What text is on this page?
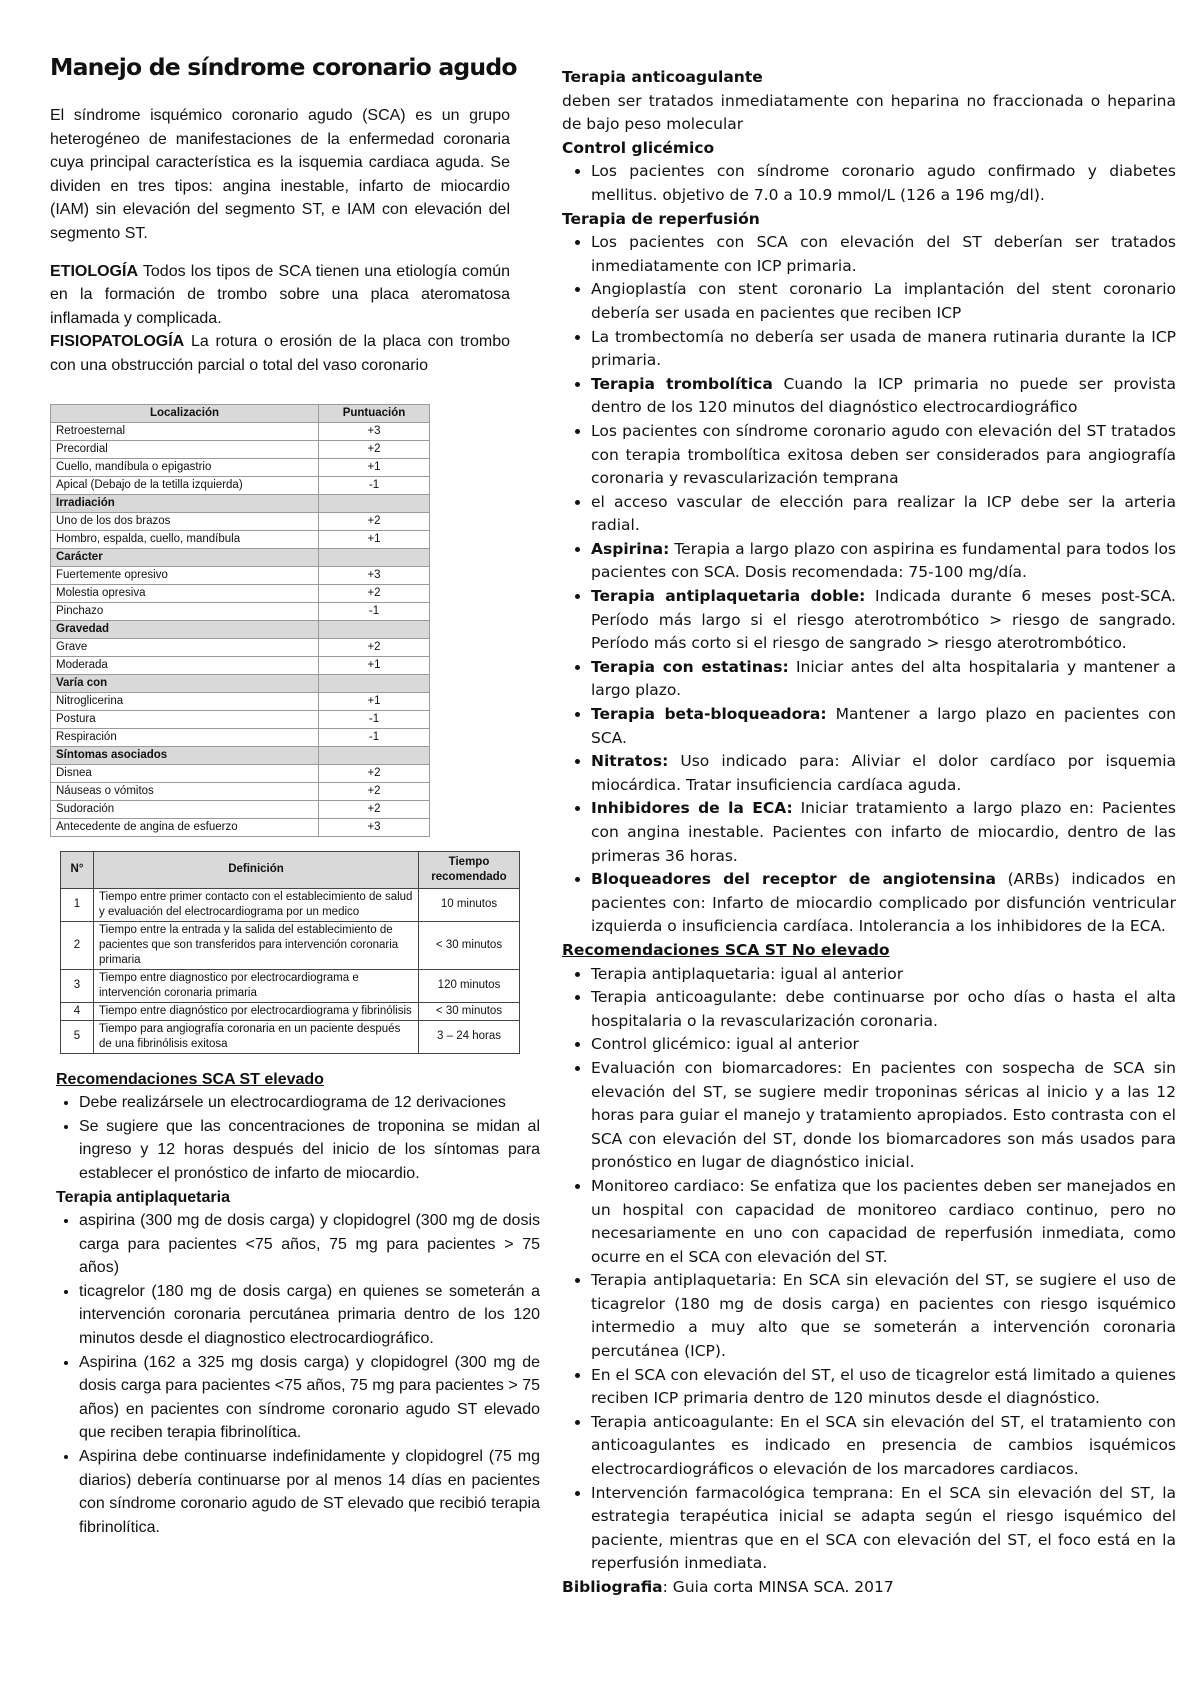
Manejo de síndrome coronario agudo

El síndrome isquémico coronario agudo (SCA) es un grupo heterogéneo de manifestaciones de la enfermedad coronaria cuya principal característica es la isquemia cardiaca aguda. Se dividen en tres tipos: angina inestable, infarto de miocardio (IAM) sin elevación del segmento ST, e IAM con elevación del segmento ST.

ETIOLOGÍA Todos los tipos de SCA tienen una etiología común en la formación de trombo sobre una placa ateromatosa inflamada y complicada.

FISIOPATOLOGÍA La rotura o erosión de la placa con trombo con una obstrucción parcial o total del vaso coronario

Localización	Puntuación
Retroesternal	+3
Precordial	+2
Cuello, mandíbula o epigastrio	+1
Apical (Debajo de la tetilla izquierda)	-1
Irradiación	
Uno de los dos brazos	+2
Hombro, espalda, cuello, mandíbula	+1
Carácter	
Fuertemente opresivo	+3
Molestia opresiva	+2
Pinchazo	-1
Gravedad	
Grave	+2
Moderada	+1
Varía con	
Nitroglicerina	+1
Postura	-1
Respiración	-1
Síntomas asociados	
Disnea	+2
Náuseas o vómitos	+2
Sudoración	+2
Antecedente de angina de esfuerzo	+3
N°	Definición	Tiempo recomendado
1	Tiempo entre primer contacto con el establecimiento de salud y evaluación del electrocardiograma por un medico	10 minutos
2	Tiempo entre la entrada y la salida del establecimiento de pacientes que son transferidos para intervención coronaria primaria	< 30 minutos
3	Tiempo entre diagnostico por electrocardiograma e intervención coronaria primaria	120 minutos
4	Tiempo entre diagnóstico por electrocardiograma y fibrinólisis	< 30 minutos
5	Tiempo para angiografía coronaria en un paciente después de una fibrinólisis exitosa	3 – 24 horas
Recomendaciones SCA ST elevado
• Debe realizársele un electrocardiograma de 12 derivaciones
• Se sugiere que las concentraciones de troponina se midan al ingreso y 12 horas después del inicio de los síntomas para establecer el pronóstico de infarto de miocardio.

Terapia antiplaquetaria

• aspirina (300 mg de dosis carga) y clopidogrel (300 mg de dosis carga para pacientes <75 años, 75 mg para pacientes > 75 años)
• ticagrelor (180 mg de dosis carga) en quienes se someterán a intervención coronaria percutánea primaria dentro de los 120 minutos desde el diagnostico electrocardiográfico.
• Aspirina (162 a 325 mg dosis carga) y clopidogrel (300 mg de dosis carga para pacientes <75 años, 75 mg para pacientes > 75 años) en pacientes con síndrome coronario agudo ST elevado que reciben terapia fibrinolítica.
• Aspirina debe continuarse indefinidamente y clopidogrel (75 mg diarios) debería continuarse por al menos 14 días en pacientes con síndrome coronario agudo de ST elevado que recibió terapia fibrinolítica.

Terapia anticoagulante

deben ser tratados inmediatamente con heparina no fraccionada o heparina de bajo peso molecular

Control glicémico

• Los pacientes con síndrome coronario agudo confirmado y diabetes mellitus. objetivo de 7.0 a 10.9 mmol/L (126 a 196 mg/dl).

Terapia de reperfusión

• Los pacientes con SCA con elevación del ST deberían ser tratados inmediatamente con ICP primaria.
• Angioplastía con stent coronario La implantación del stent coronario debería ser usada en pacientes que reciben ICP
• La trombectomía no debería ser usada de manera rutinaria durante la ICP primaria.
• Terapia trombolítica Cuando la ICP primaria no puede ser provista dentro de los 120 minutos del diagnóstico electrocardiográfico
• Los pacientes con síndrome coronario agudo con elevación del ST tratados con terapia trombolítica exitosa deben ser considerados para angiografía coronaria y revascularización temprana
• el acceso vascular de elección para realizar la ICP debe ser la arteria radial.
• Aspirina: Terapia a largo plazo con aspirina es fundamental para todos los pacientes con SCA. Dosis recomendada: 75-100 mg/día.
• Terapia antiplaquetaria doble: Indicada durante 6 meses post-SCA. Período más largo si el riesgo aterotrombótico > riesgo de sangrado. Período más corto si el riesgo de sangrado > riesgo aterotrombótico.
• Terapia con estatinas: Iniciar antes del alta hospitalaria y mantener a largo plazo.
• Terapia beta-bloqueadora: Mantener a largo plazo en pacientes con SCA.
• Nitratos: Uso indicado para: Aliviar el dolor cardíaco por isquemia miocárdica. Tratar insuficiencia cardíaca aguda.
• Inhibidores de la ECA: Iniciar tratamiento a largo plazo en: Pacientes con angina inestable. Pacientes con infarto de miocardio, dentro de las primeras 36 horas.
• Bloqueadores del receptor de angiotensina (ARBs) indicados en pacientes con: Infarto de miocardio complicado por disfunción ventricular izquierda o insuficiencia cardíaca. Intolerancia a los inhibidores de la ECA.

Recomendaciones SCA ST No elevado

• Terapia antiplaquetaria: igual al anterior
• Terapia anticoagulante: debe continuarse por ocho días o hasta el alta hospitalaria o la revascularización coronaria.
• Control glicémico: igual al anterior
• Evaluación con biomarcadores: En pacientes con sospecha de SCA sin elevación del ST, se sugiere medir troponinas séricas al inicio y a las 12 horas para guiar el manejo y tratamiento apropiados. Esto contrasta con el SCA con elevación del ST, donde los biomarcadores son más usados para pronóstico en lugar de diagnóstico inicial.
• Monitoreo cardiaco: Se enfatiza que los pacientes deben ser manejados en un hospital con capacidad de monitoreo cardiaco continuo, pero no necesariamente en uno con capacidad de reperfusión inmediata, como ocurre en el SCA con elevación del ST.
• Terapia antiplaquetaria: En SCA sin elevación del ST, se sugiere el uso de ticagrelor (180 mg de dosis carga) en pacientes con riesgo isquémico intermedio a muy alto que se someterán a intervención coronaria percutánea (ICP).
• En el SCA con elevación del ST, el uso de ticagrelor está limitado a quienes reciben ICP primaria dentro de 120 minutos desde el diagnóstico.
• Terapia anticoagulante: En el SCA sin elevación del ST, el tratamiento con anticoagulantes es indicado en presencia de cambios isquémicos electrocardiográficos o elevación de los marcadores cardiacos.
• Intervención farmacológica temprana: En el SCA sin elevación del ST, la estrategia terapéutica inicial se adapta según el riesgo isquémico del paciente, mientras que en el SCA con elevación del ST, el foco está en la reperfusión inmediata.

Bibliografia: Guia corta MINSA SCA. 2017
